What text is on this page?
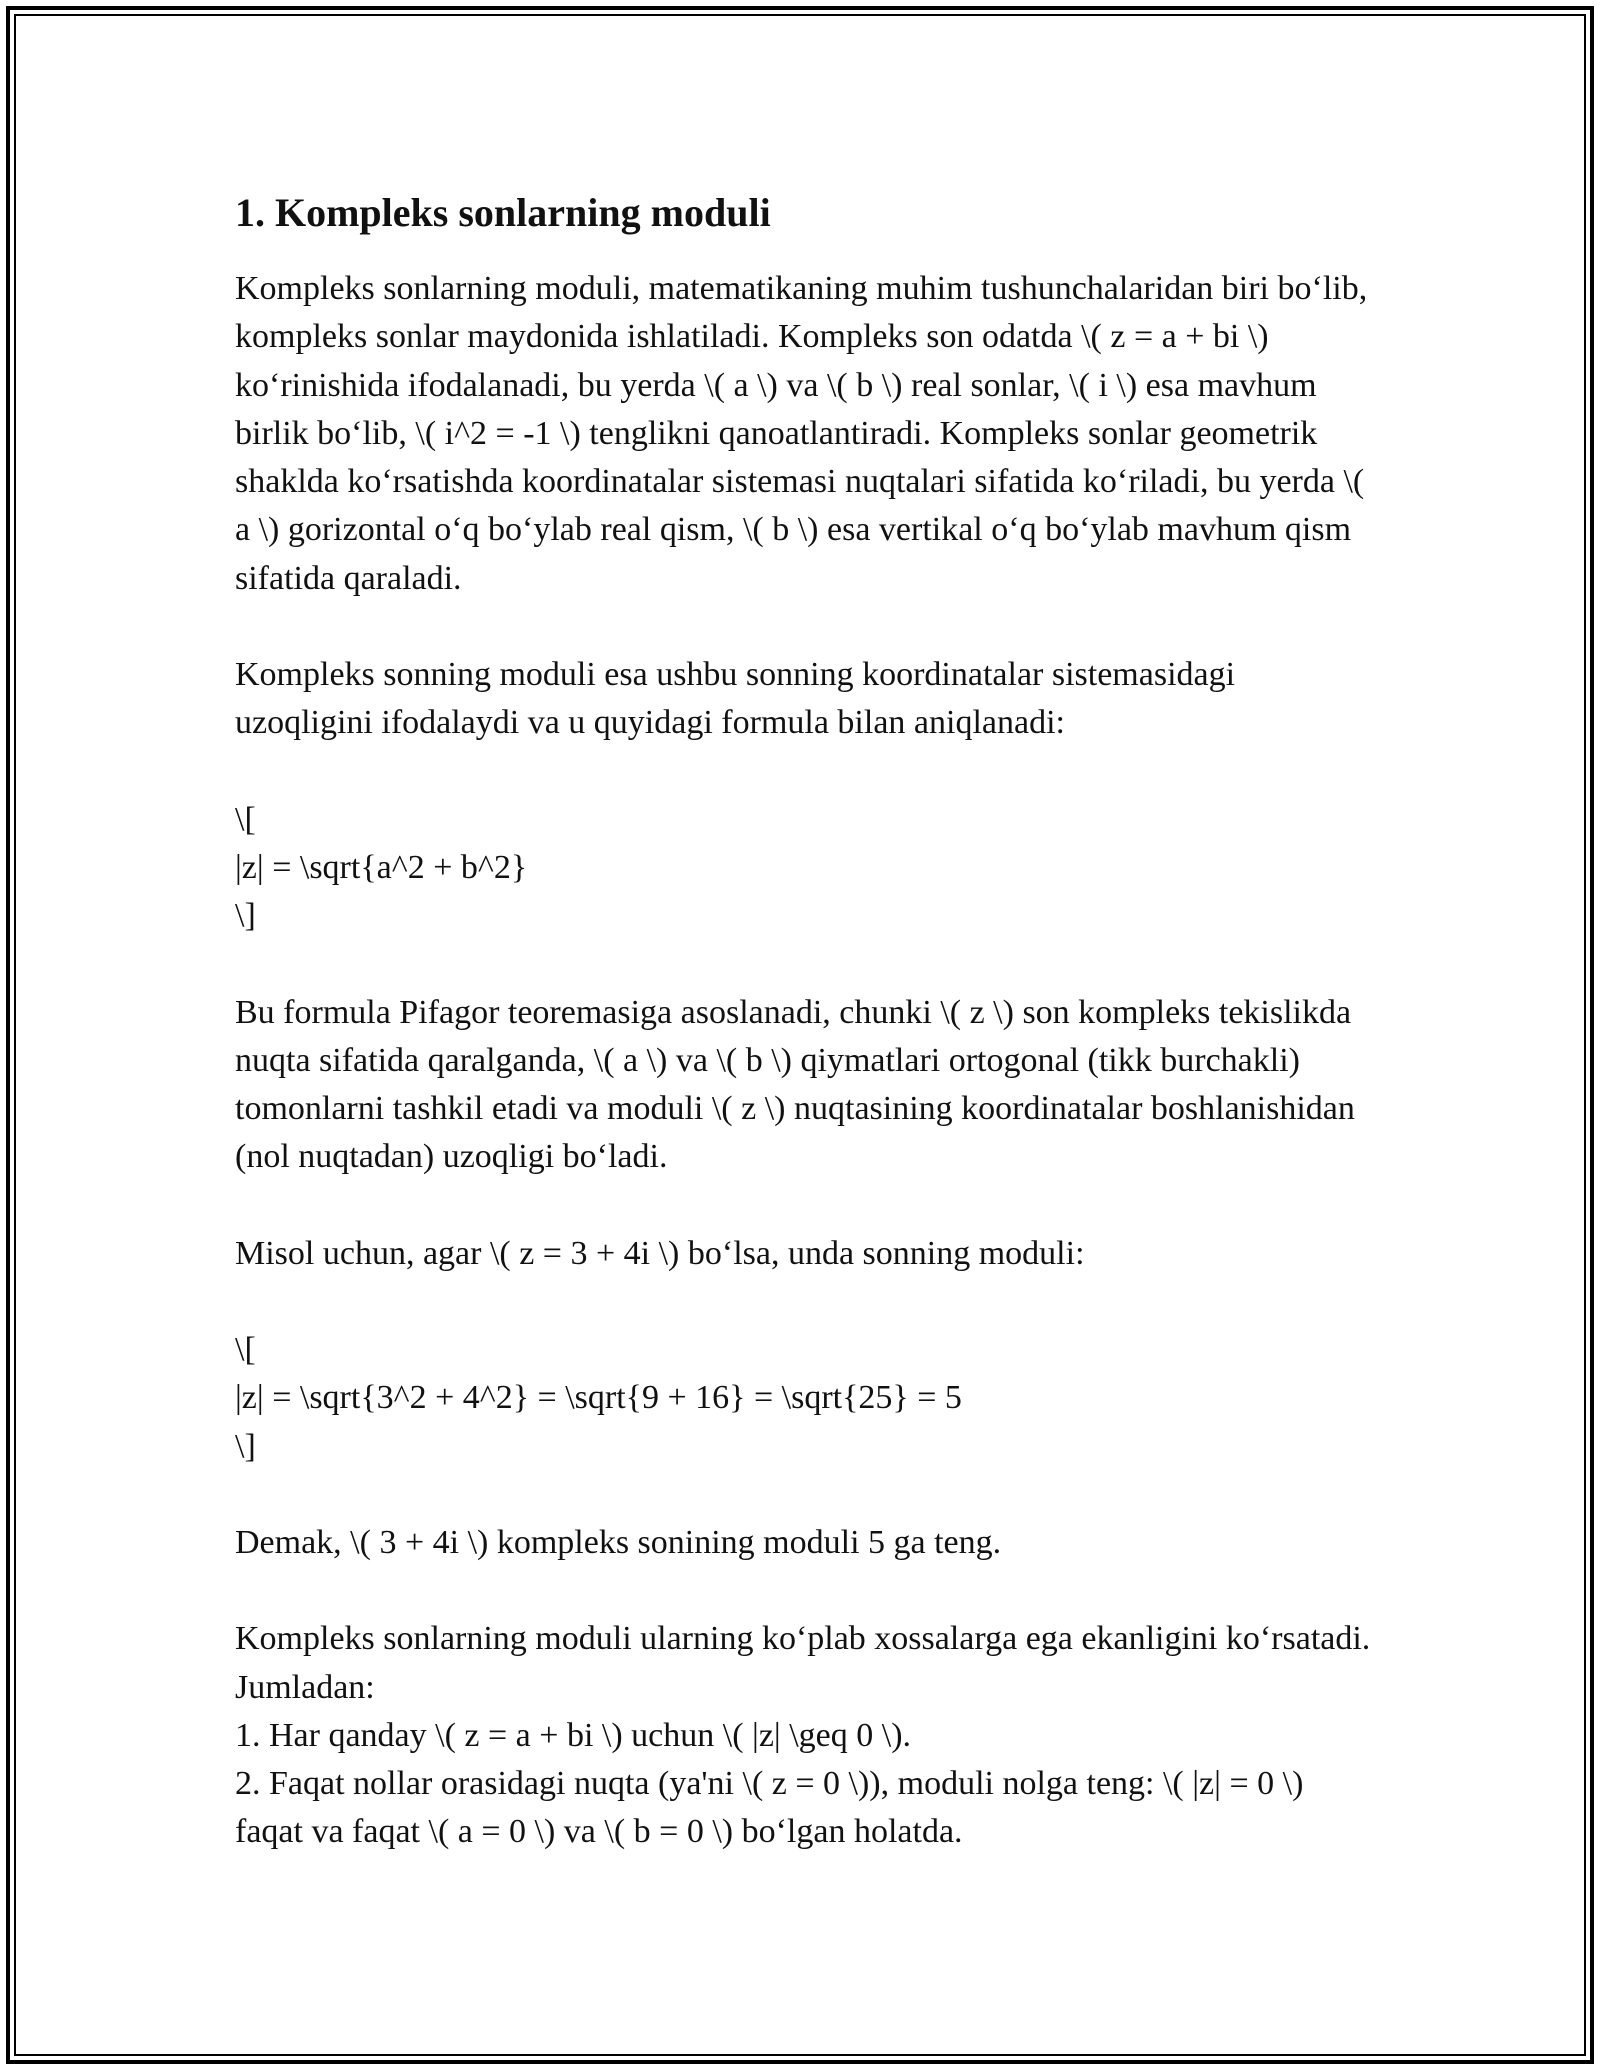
1. Kompleks sonlarning moduli

Kompleks sonlarning moduli, matematikaning muhim tushunchalaridan biri bo‘lib, kompleks sonlar maydonida ishlatiladi. Kompleks son odatda \( z = a + bi \) ko‘rinishida ifodalanadi, bu yerda \( a \) va \( b \) real sonlar, \( i \) esa mavhum birlik bo‘lib, \( i^2 = -1 \) tenglikni qanoatlantiradi. Kompleks sonlar geometrik shaklda ko‘rsatishda koordinatalar sistemasi nuqtalari sifatida ko‘riladi, bu yerda \( a \) gorizontal o‘q bo‘ylab real qism, \( b \) esa vertikal o‘q bo‘ylab mavhum qism sifatida qaraladi.

Kompleks sonning moduli esa ushbu sonning koordinatalar sistemasidagi uzoqligini ifodalaydi va u quyidagi formula bilan aniqlanadi:

\[
|z| = \sqrt{a^2 + b^2}
\]

Bu formula Pifagor teoremasiga asoslanadi, chunki \( z \) son kompleks tekislikda nuqta sifatida qaralganda, \( a \) va \( b \) qiymatlari ortogonal (tikk burchakli) tomonlarni tashkil etadi va moduli \( z \) nuqtasining koordinatalar boshlanishidan (nol nuqtadan) uzoqligi bo‘ladi.

Misol uchun, agar \( z = 3 + 4i \) bo‘lsa, unda sonning moduli:

\[
|z| = \sqrt{3^2 + 4^2} = \sqrt{9 + 16} = \sqrt{25} = 5
\]

Demak, \( 3 + 4i \) kompleks sonining moduli 5 ga teng.

Kompleks sonlarning moduli ularning ko‘plab xossalarga ega ekanligini ko‘rsatadi. Jumladan:
1. Har qanday \( z = a + bi \) uchun \( |z| \geq 0 \).
2. Faqat nollar orasidagi nuqta (ya'ni \( z = 0 \)), moduli nolga teng: \( |z| = 0 \) faqat va faqat \( a = 0 \) va \( b = 0 \) bo‘lgan holatda.
